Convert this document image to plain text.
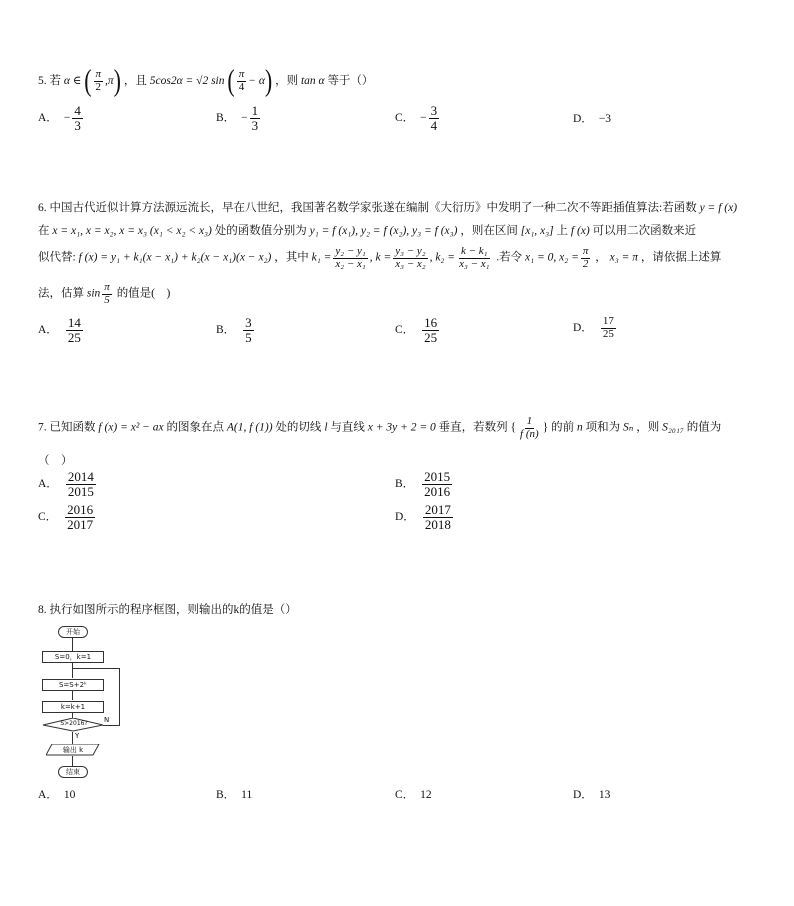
5. 若 α ∈ ( $\frac{\pi}{2} ,\pi$) ，且 5cos2α = √2 sin ( $\frac{\pi}{4} - \alpha$) ，则 tan α 等于（）
A． − $\frac{4}{3}$	B． − $\frac{1}{3}$	C． − $\frac{3}{4}$	D． −3
6. 中国古代近似计算方法源远流长，早在八世纪，我国著名数学家张遂在编制《大衍历》中发明了一种二次不等距插值算法:若函数 y = f (x)
在 x = x₁, x = x₂, x = x₃ (x₁ < x₂ < x₃) 处的函数值分别为 y₁ = f (x₁), y₂ = f (x₂), y₃ = f (x₃) ，则在区间 [x₁, x₃] 上 f (x) 可以用二次函数来近
似代替: f (x) = y₁ + k₁(x − x₁) + k₂(x − x₁)(x − x₂) ，其中 $k_1 = \frac{\text{y₂ − y₁}}{\text{x₂ − x₁}}$ , $k = \frac{\text{y₃ − y₂}}{\text{x₃ − x₂}}$ , $k_2 = \frac{\text{k − k₁}}{\text{x₃ − x₁}}$ .若令 x₁ = 0, $x_2 = \frac{\pi}{2}$ ， x₃ = π ，请依据上述算
法，估算 $\sin \frac{\pi}{5}$ 的值是(　)
A． $\frac{14}{25}$	B． $\frac{3}{5}$	C． $\frac{16}{25}$	D． $\frac{17}{25}$
7. 已知函数 f (x) = x² − ax 的图象在点 A(1, f (1)) 处的切线 l 与直线 x + 3y + 2 = 0 垂直，若数列 { $\frac{1}{f (n)}$ } 的前 n 项和为 Sₙ ，则 S₂₀₁₇ 的值为
（　）
A． $\frac{2014}{2015}$	B． $\frac{2015}{2016}$
C． $\frac{2016}{2017}$	D． $\frac{2017}{2018}$
8. 执行如图所示的程序框图，则输出的k的值是（）
开始
S=0，k=1
S=S+2ᵏ
k=k+1
S>2016?	N
Y
输出 k
结束
A． 10	B． 11	C． 12	D． 13
